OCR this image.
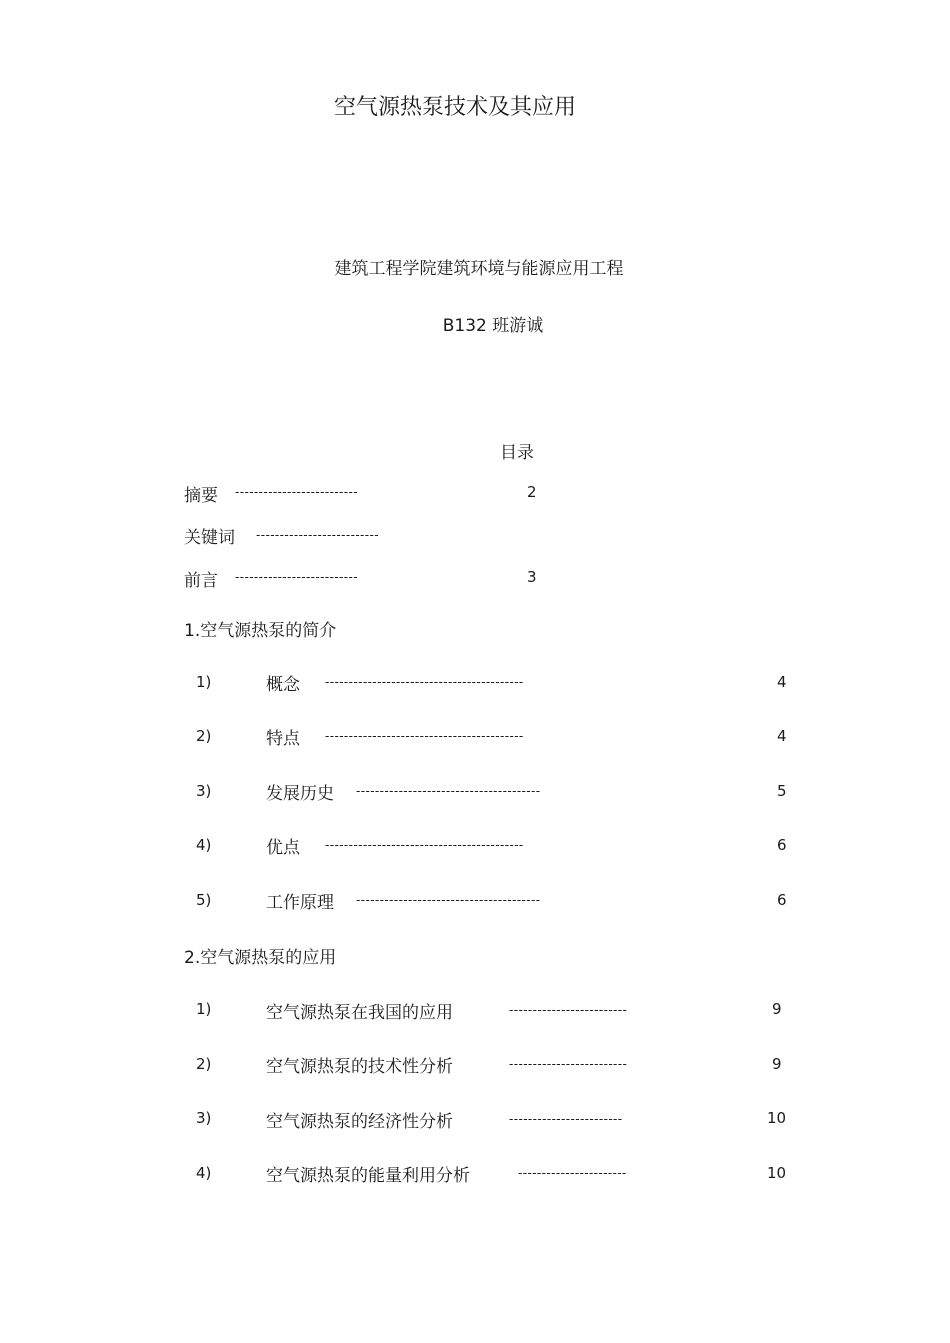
空气源热泵技术及其应用
建筑工程学院建筑环境与能源应用工程
B132 班游诚
目录
摘要 --------------------------	2
关键词 --------------------------
前言 --------------------------	3
1.空气源热泵的简介
1)	概念 ------------------------------------------	4
2)	特点 ------------------------------------------	4
3)	发展历史 ---------------------------------------	5
4)	优点 ------------------------------------------	6
5)	工作原理 ---------------------------------------	6
2.空气源热泵的应用
1)	空气源热泵在我国的应用	-------------------------	9
2)	空气源热泵的技术性分析	-------------------------	9
3)	空气源热泵的经济性分析	------------------------	10
4)	空气源热泵的能量利用分析	-----------------------	10
